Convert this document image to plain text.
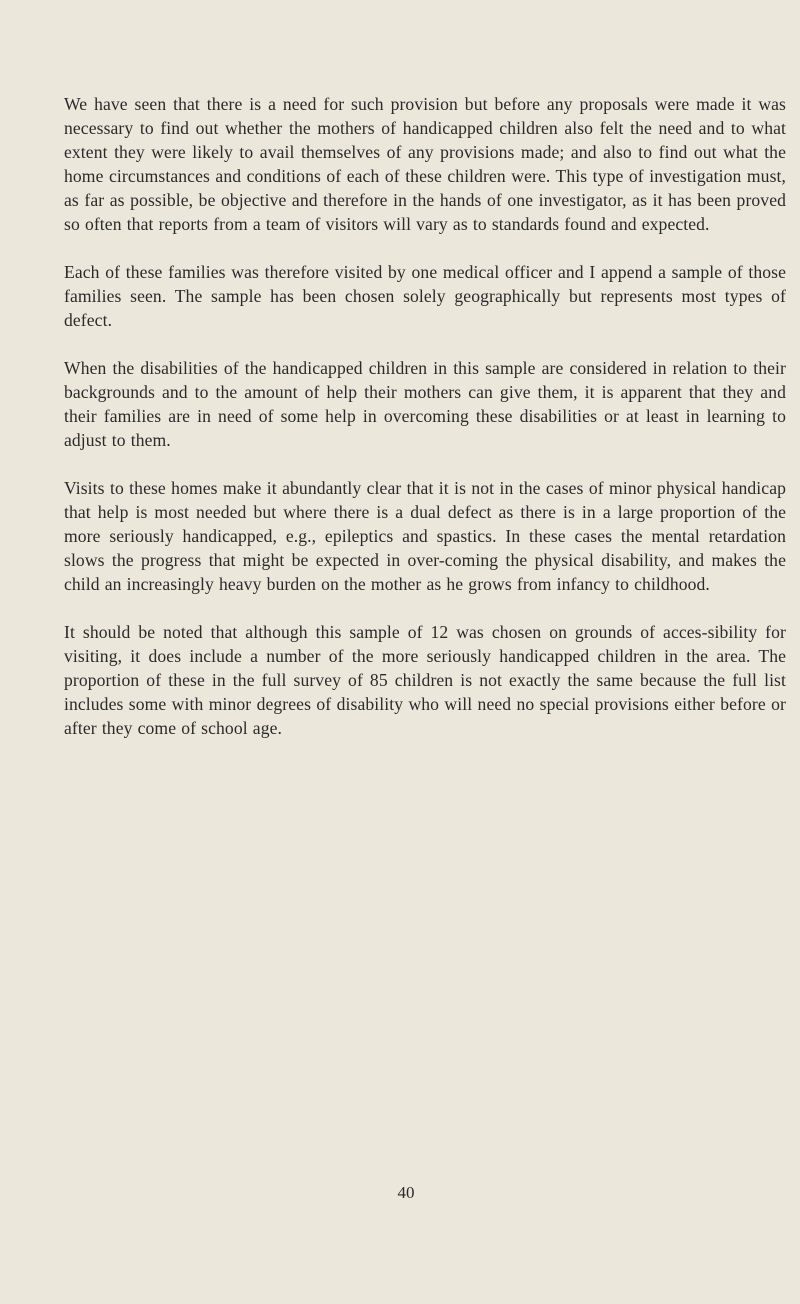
We have seen that there is a need for such provision but before any proposals were made it was necessary to find out whether the mothers of handicapped children also felt the need and to what extent they were likely to avail themselves of any provisions made; and also to find out what the home circumstances and conditions of each of these children were. This type of investigation must, as far as possible, be objective and therefore in the hands of one investigator, as it has been proved so often that reports from a team of visitors will vary as to standards found and expected.

Each of these families was therefore visited by one medical officer and I append a sample of those families seen. The sample has been chosen solely geographically but represents most types of defect.

When the disabilities of the handicapped children in this sample are considered in relation to their backgrounds and to the amount of help their mothers can give them, it is apparent that they and their families are in need of some help in overcoming these disabilities or at least in learning to adjust to them.

Visits to these homes make it abundantly clear that it is not in the cases of minor physical handicap that help is most needed but where there is a dual defect as there is in a large proportion of the more seriously handicapped, e.g., epileptics and spastics. In these cases the mental retardation slows the progress that might be expected in over-coming the physical disability, and makes the child an increasingly heavy burden on the mother as he grows from infancy to childhood.

It should be noted that although this sample of 12 was chosen on grounds of acces-sibility for visiting, it does include a number of the more seriously handicapped children in the area. The proportion of these in the full survey of 85 children is not exactly the same because the full list includes some with minor degrees of disability who will need no special provisions either before or after they come of school age.

40
